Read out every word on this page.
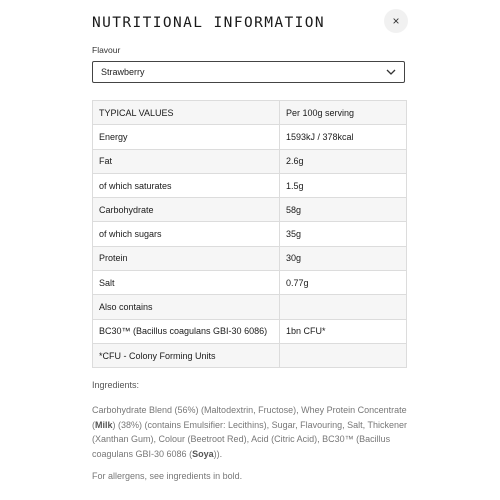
NUTRITIONAL INFORMATION	×
Flavour
Strawberry
TYPICAL VALUES	Per 100g serving
Energy	1593kJ / 378kcal
Fat	2.6g
of which saturates	1.5g
Carbohydrate	58g
of which sugars	35g
Protein	30g
Salt	0.77g
Also contains	
BC30™ (Bacillus coagulans GBI-30 6086)	1bn CFU*
*CFU - Colony Forming Units	
Ingredients:
Carbohydrate Blend (56%) (Maltodextrin, Fructose), Whey Protein Concentrate (Milk) (38%) (contains Emulsifier: Lecithins), Sugar, Flavouring, Salt, Thickener (Xanthan Gum), Colour (Beetroot Red), Acid (Citric Acid), BC30™ (Bacillus coagulans GBI-30 6086 (Soya)).
For allergens, see ingredients in bold.
